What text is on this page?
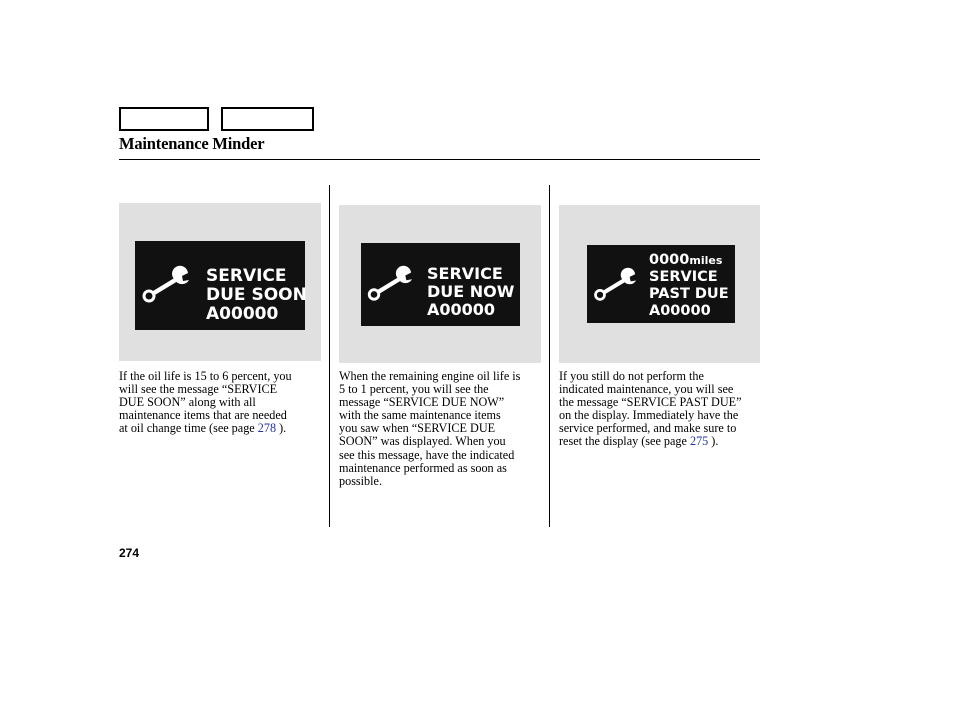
Maintenance Minder
SERVICE
DUE SOON
A00000
SERVICE
DUE NOW
A00000
0000miles
SERVICE
PAST DUE
A00000
If the oil life is 15 to 6 percent, you
will see the message “SERVICE
DUE SOON” along with all
maintenance items that are needed
at oil change time (see page 278 ).
When the remaining engine oil life is
5 to 1 percent, you will see the
message “SERVICE DUE NOW”
with the same maintenance items
you saw when “SERVICE DUE
SOON” was displayed. When you
see this message, have the indicated
maintenance performed as soon as
possible.
If you still do not perform the
indicated maintenance, you will see
the message “SERVICE PAST DUE”
on the display. Immediately have the
service performed, and make sure to
reset the display (see page 275 ).
274
